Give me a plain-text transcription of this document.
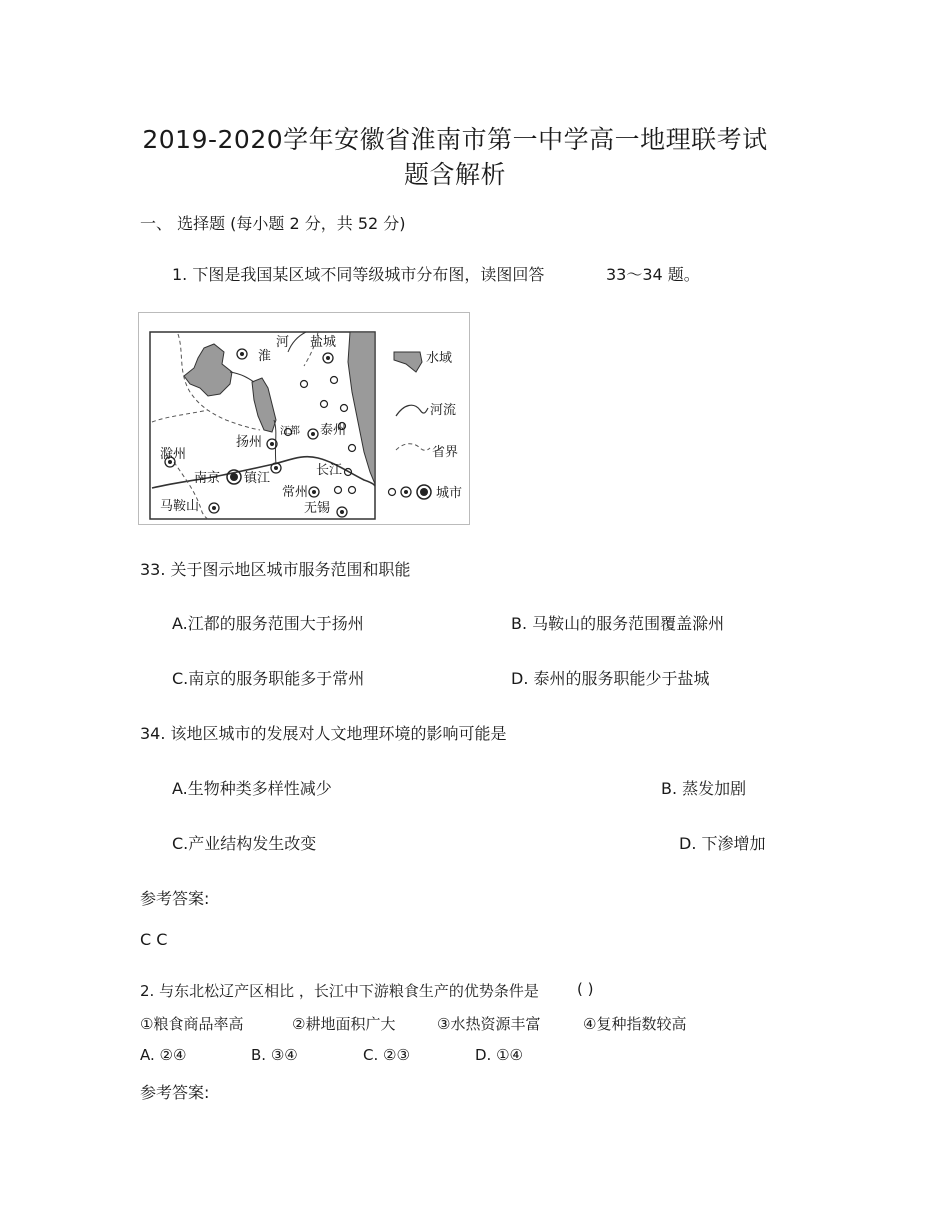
2019-2020学年安徽省淮南市第一中学高一地理联考试
题含解析
一、 选择题 (每小题 2 分，共 52 分)
1. 下图是我国某区域不同等级城市分布图，读图回答	33～34 题。
河
淮
盐城
扬州
江都 泰州
滁州
南京 镇江
长江
常州
马鞍山	无锡
水域
河流
省界
城市
33. 关于图示地区城市服务范围和职能
A.江都的服务范围大于扬州	B. 马鞍山的服务范围覆盖滁州
C.南京的服务职能多于常州	D. 泰州的服务职能少于盐城
34. 该地区城市的发展对人文地理环境的影响可能是
A.生物种类多样性减少	B. 蒸发加剧
C.产业结构发生改变	D. 下渗增加
参考答案:
C C
2. 与东北松辽产区相比 ，长江中下游粮食生产的优势条件是	( )
①粮食商品率高	②耕地面积广大	③水热资源丰富	④复种指数较高
A. ②④	B. ③④	C. ②③	D. ①④
参考答案:
